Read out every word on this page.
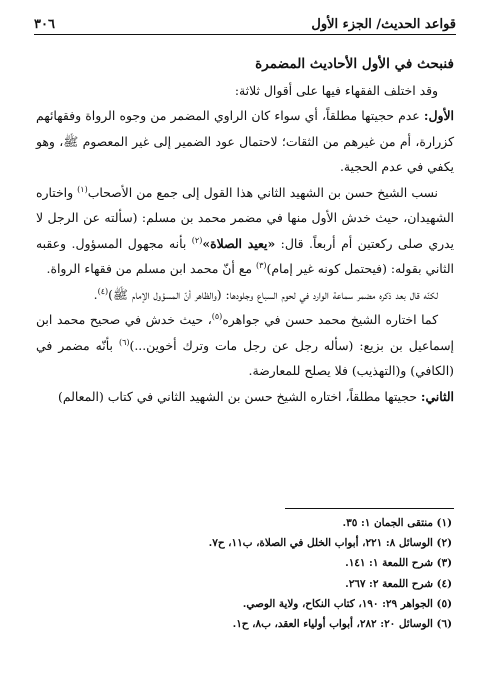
قواعد الحديث/ الجزء الأول
٣٠٦

فنبحث في الأول الأحاديث المضمرة

وقد اختلف الفقهاء فيها على أقوال ثلاثة:

الأول: عدم حجيتها مطلقاً، أي سواء كان الراوي المضمر من وجوه الرواة وفقهائهم كزرارة، أم من غيرهم من الثقات؛ لاحتمال عود الضمير إلى غير المعصوم ﷺ، وهو يكفي في عدم الحجية.

نسب الشيخ حسن بن الشهيد الثاني هذا القول إلى جمع من الأصحاب$^{(١)}$ واختاره الشهيدان، حيث خدش الأول منها في مضمر محمد بن مسلم: (سألته عن الرجل لا يدري صلى ركعتين أم أربعاً. قال: «يعيد الصلاة»$^{(٢)}$ بأنه مجهول المسؤول. وعقبه الثاني بقوله: (فيحتمل كونه غير إمام)$^{(٣)}$ مع أنّ محمد ابن مسلم من فقهاء الرواة.

لكنّه قال بعد ذكره مضمر سماعة الوارد في لحوم السباع وجلودها: (والظاهر أنّ المسؤول الإمام ﷺ)$^{(٤)}$.

كما اختاره الشيخ محمد حسن في جواهره$^{(٥)}$، حيث خدش في صحيح محمد ابن إسماعيل بن بزيع: (سأله رجل عن رجل مات وترك أخوين...)$^{(٦)}$ بأنّه مضمر في (الكافي) و(التهذيب) فلا يصلح للمعارضة.

الثاني: حجيتها مطلقاً، اختاره الشيخ حسن بن الشهيد الثاني في كتاب (المعالم)

(١) منتقى الجمان ١: ٣٥.
(٢) الوسائل ٨: ٢٢١، أبواب الخلل في الصلاة، ب١١، ح٧.
(٣) شرح اللمعة ١: ١٤١.
(٤) شرح اللمعة ٢: ٢٦٧.
(٥) الجواهر ٢٩: ١٩٠، كتاب النكاح، ولاية الوصي.
(٦) الوسائل ٢٠: ٢٨٢، أبواب أولياء العقد، ب٨، ح١.
